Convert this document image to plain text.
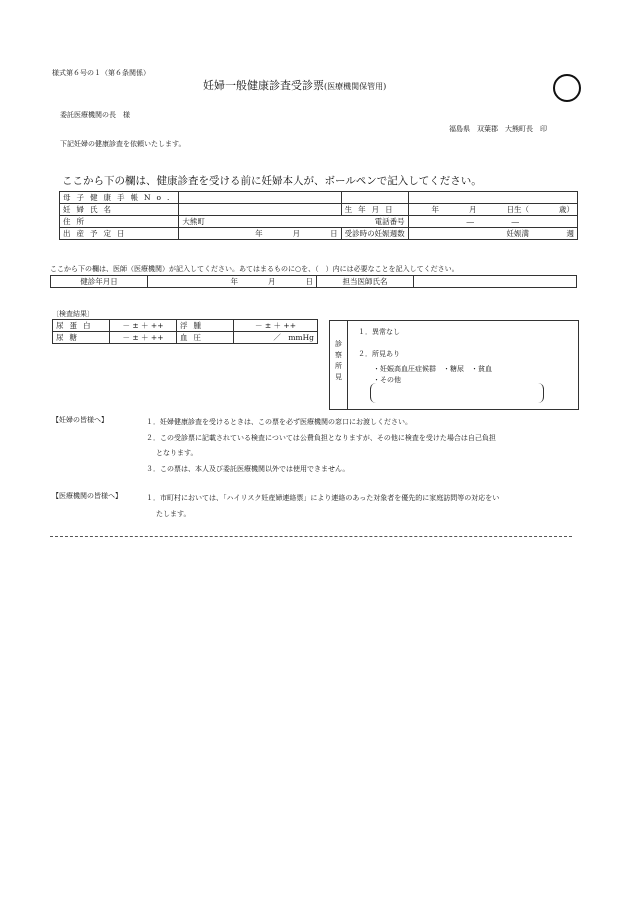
様式第６号の１（第６条関係）
妊婦一般健康診査受診票(医療機関保管用)
委託医療機関の長　様
福島県　双葉郡　大熊町長　印
下記妊婦の健康診査を依頼いたします。
ここから下の欄は、健康診査を受ける前に妊婦本人が、ボールペンで記入してください。
母子健康手帳No.			
妊婦氏名		生年月日	年　　　　月　　　　日生（　　　　歳）
住所	大熊町 電話番号		―　　　　　―
出産予定日	年　　　　月　　　　日	受診時の妊娠週数	妊娠満　　　　　週
ここから下の欄は、医師（医療機関）が記入してください。あてはまるものに○を、（　）内には必要なことを記入してください。
健診年月日	年　　　　月　　　　日	担当医師氏名	
〔検査結果〕
尿蛋白	－ ± ＋ ++	浮腫	－ ± ＋ ++
尿糖	－ ± ＋ ++	血圧	／　mmHg
診察所見
１．異常なし
２．所見あり
・妊娠高血圧症候群　・糖尿　・貧血
・その他
【妊婦の皆様へ】	１．妊婦健康診査を受けるときは、この票を必ず医療機関の窓口にお渡しください。
２．この受診票に記載されている検査については公費負担となりますが、その他に検査を受けた場合は自己負担
となります。
３．この票は、本人及び委託医療機関以外では使用できません。
【医療機関の皆様へ】	１．市町村においては、「ハイリスク妊産婦連絡票」により連絡のあった対象者を優先的に家庭訪問等の対応をい
たします。
